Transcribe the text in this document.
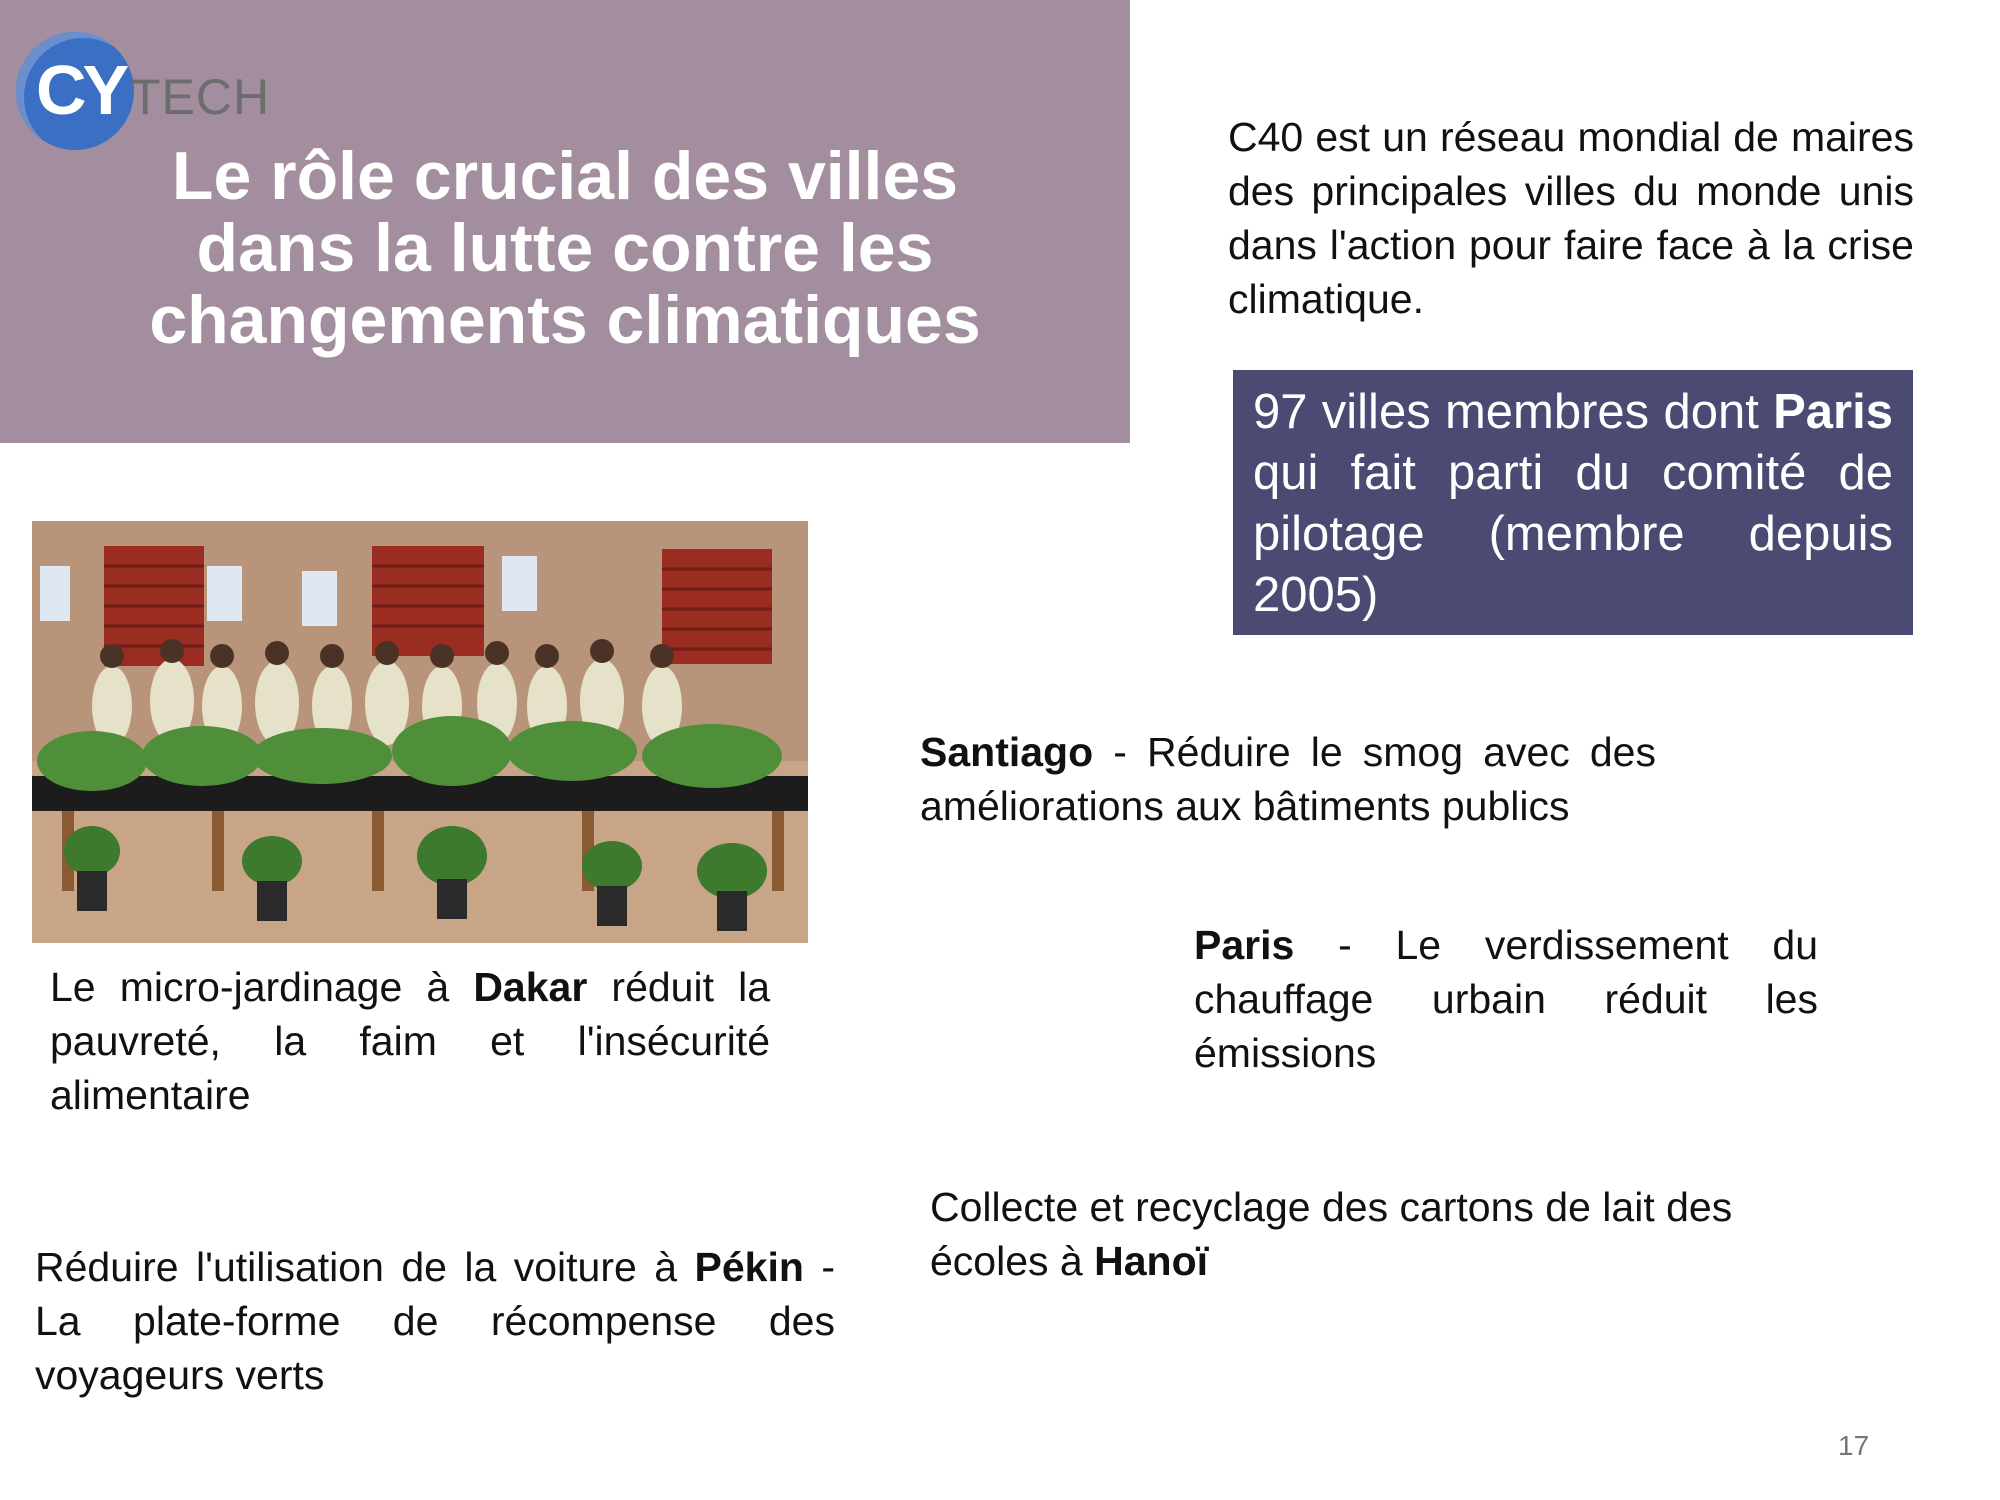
CY TECH
Le rôle crucial des villes
dans la lutte contre les
changements climatiques
C40 est un réseau mondial de maires des principales villes du monde unis dans l'action pour faire face à la crise climatique.
97 villes membres dont Paris qui fait parti du comité de pilotage (membre depuis 2005)
Santiago - Réduire le smog avec des améliorations aux bâtiments publics
Paris - Le verdissement du chauffage urbain réduit les émissions
Le micro-jardinage à Dakar réduit la pauvreté, la faim et l'insécurité alimentaire
Collecte et recyclage des cartons de lait des écoles à Hanoï
Réduire l'utilisation de la voiture à Pékin - La plate-forme de récompense des voyageurs verts
17
